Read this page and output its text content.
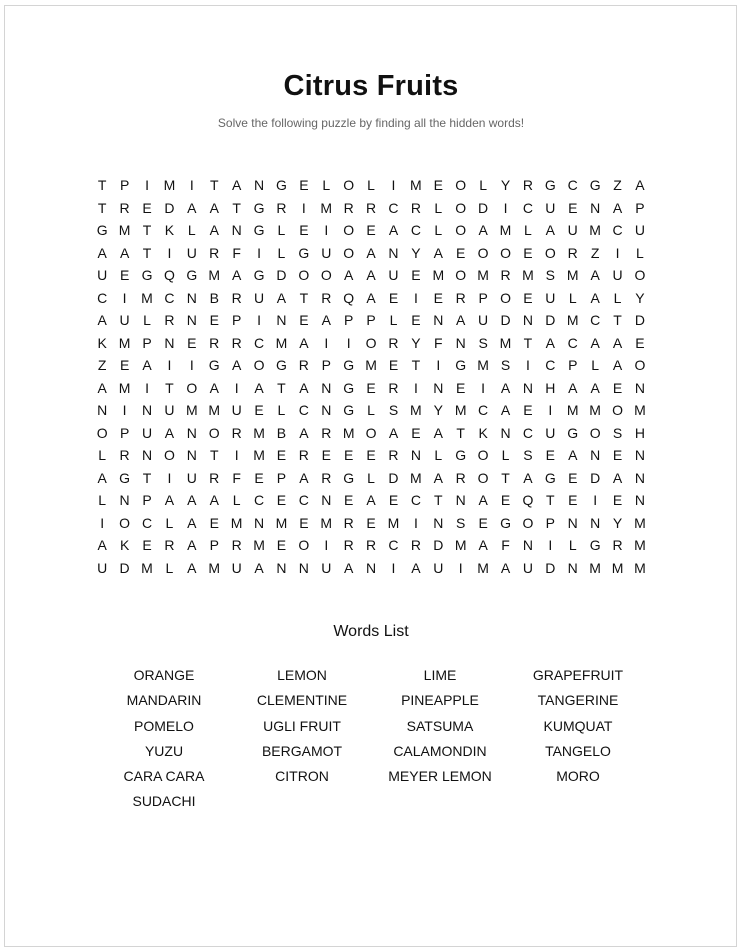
Citrus Fruits
Solve the following puzzle by finding all the hidden words!
T P	I	M	I	T A N G E L O L	I	M E O L Y R G C G Z A
T R E D A A T G R	I	M R R C R L O D	I	C U E N A P
G M T K L A N G L E	I	O E A C L O A M L A U M C U
A A T	I	U R F	I	L G U O A N Y A E O O E O R Z	I	L
U E G Q G M A G D O O A A U E M O M R M S M A U O
C	I	M C N B R U A T R Q A E	I	E R P O E U L A L Y
A U L R N E P	I	N E A P P L E N A U D N D M C T D
K M P N E R R C M A	I	I	O R Y F N S M T A C A A E
Z E A	I	I	G A O G R P G M E T	I	G M S	I	C P L A O
A M	I	T O A	I	A T A N G E R	I	N E	I	A N H A A E N
N	I	N U M M U E L C N G L S M Y M C A E	I	M M O M
O P U A N O R M B A R M O A E A T K N C U G O S H
L R N O N T	I	M E R E E E R N L G O L S E A N E N
A G T	I	U R F E P A R G L D M A R O T A G E D A N
L N P A A A L C E C N E A E C T N A E Q T E	I	E N
I	O C L A E M N M E M R E M	I	N S E G O P N N Y M
A K E R A P R M E O	I	R R C R D M A F N	I	L G R M
U D M L A M U A N N U A N	I	A U	I	M A U D N M M M
Words List
ORANGE	LEMON	LIME	GRAPEFRUIT
MANDARIN	CLEMENTINE	PINEAPPLE	TANGERINE
POMELO	UGLI FRUIT	SATSUMA	KUMQUAT
YUZU	BERGAMOT	CALAMONDIN	TANGELO
CARA CARA	CITRON	MEYER LEMON	MORO
SUDACHI
